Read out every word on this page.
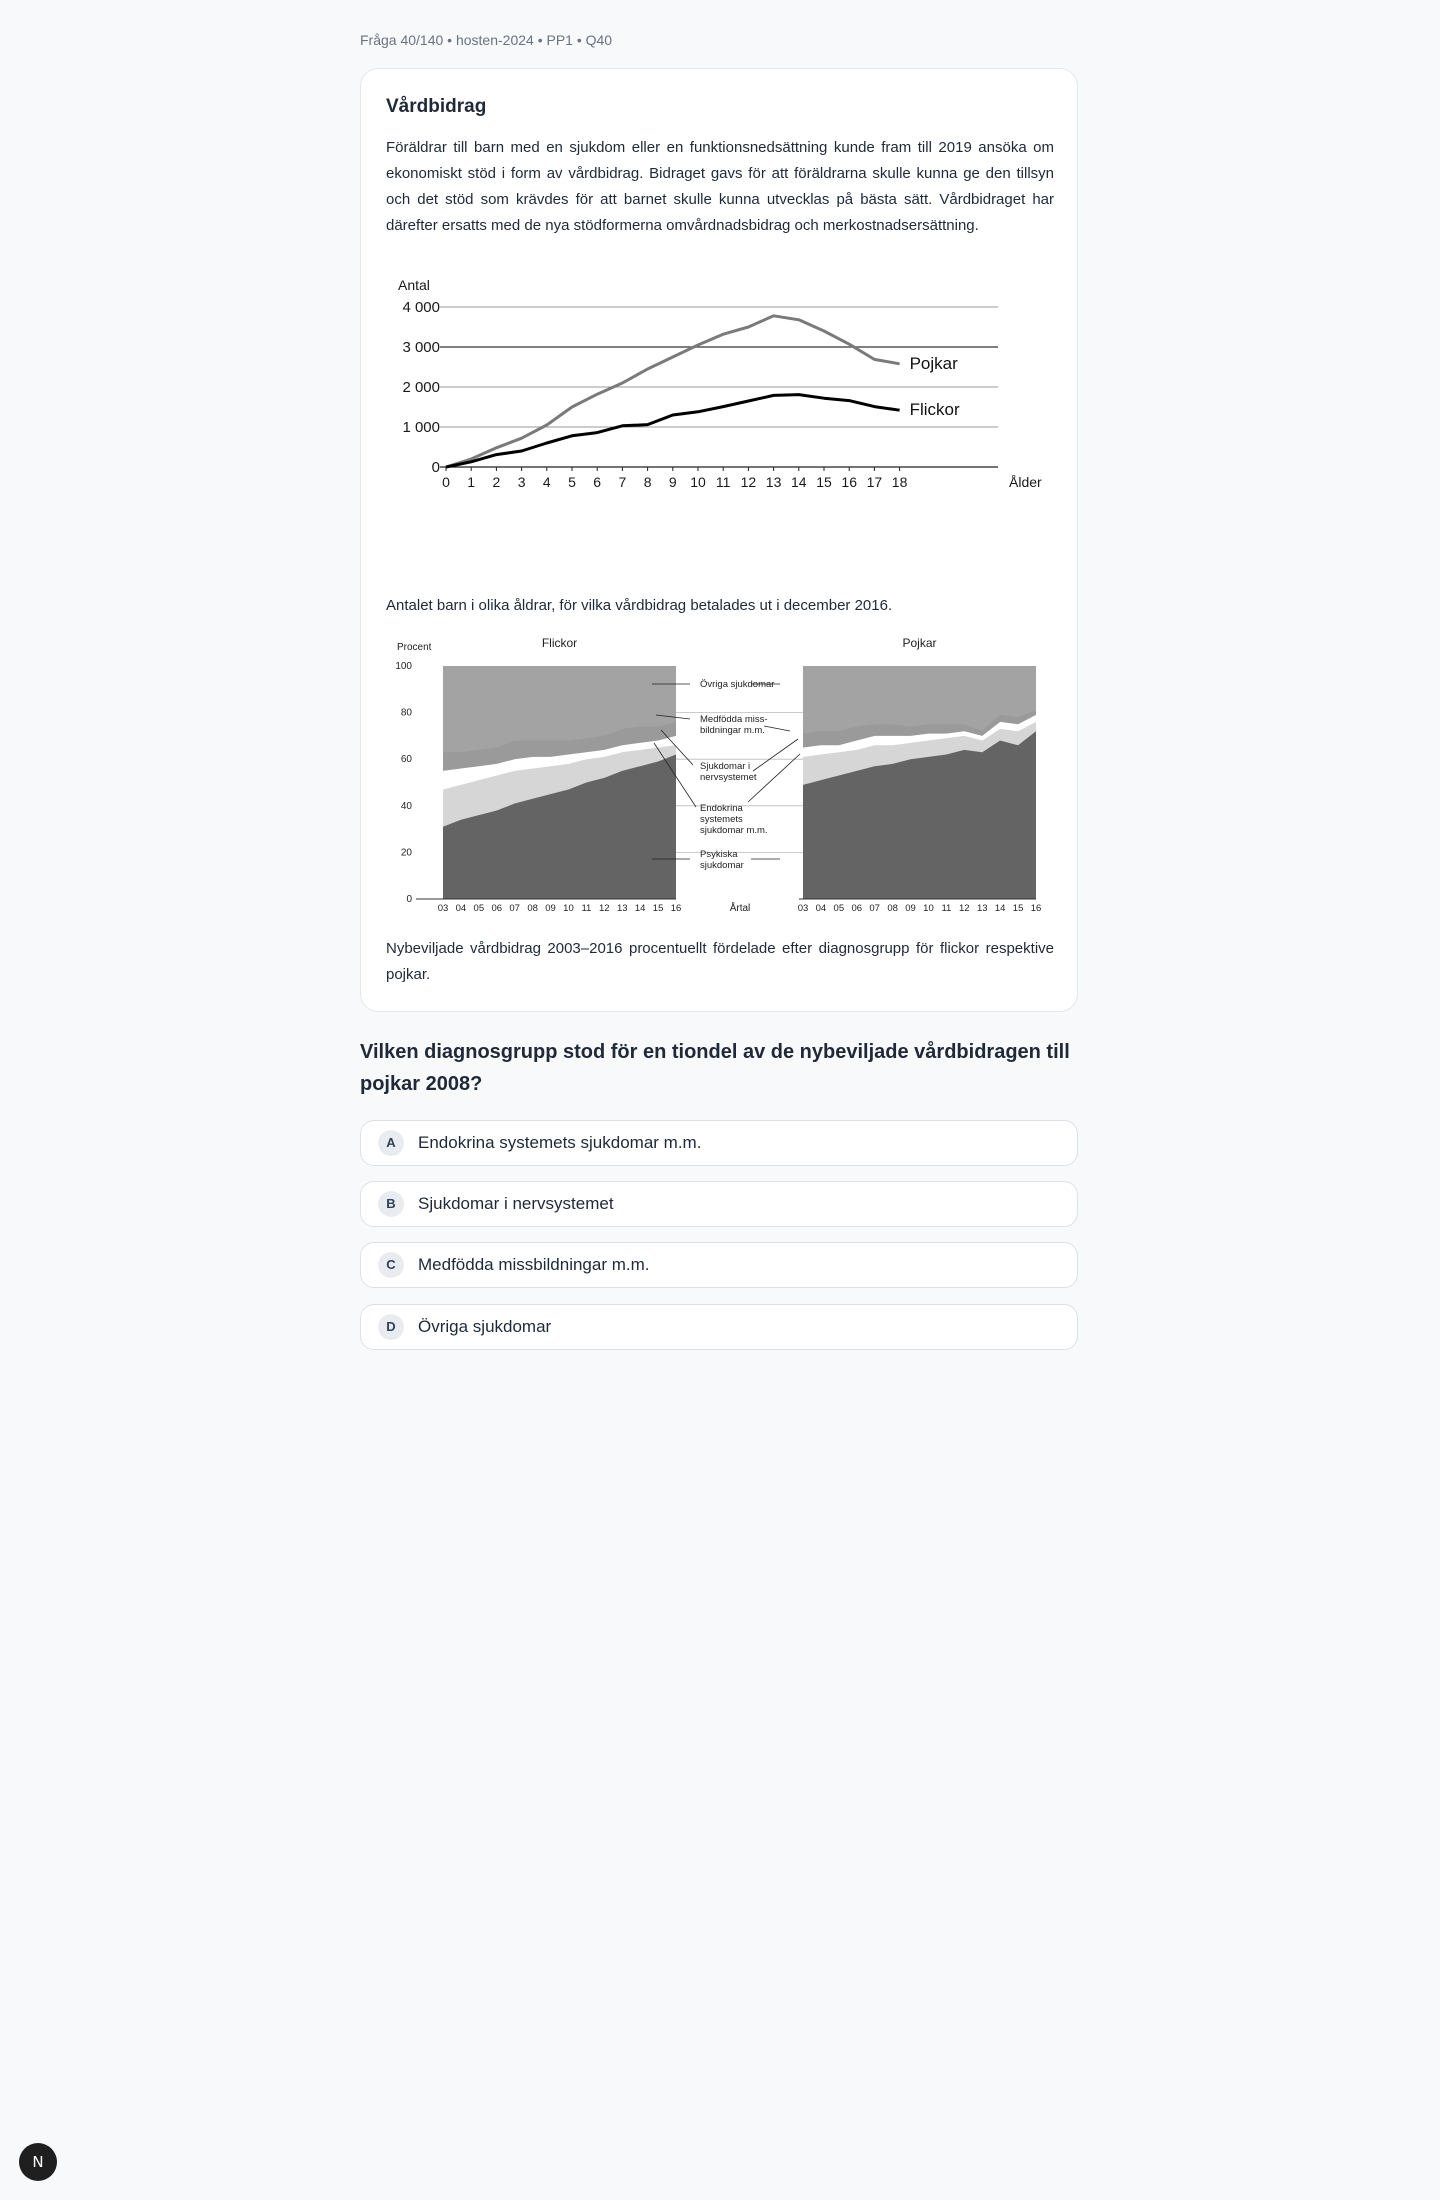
Fråga 40/140 • hosten-2024 • PP1 • Q40
Vårdbidrag

Föräldrar till barn med en sjukdom eller en funktionsnedsättning kunde fram till 2019 ansöka om ekonomiskt stöd i form av vårdbidrag. Bidraget gavs för att föräldrarna skulle kunna ge den tillsyn och det stöd som krävdes för att barnet skulle kunna utvecklas på bästa sätt. Vårdbidraget har därefter ersatts med de nya stödformerna omvårdnadsbidrag och merkostnadsersättning.

Antal
0
1 000
2 000
3 000
4 000
0 1 2 3 4 5 6 7 8 9 10 11 12 13 14 15 16 17 18	Ålder
Pojkar
Flickor

Antalet barn i olika åldrar, för vilka vårdbidrag betalades ut i december 2016.

Procent
0
20
40
60
80
100
Flickor
03 04 05 06 07 08 09 10 11 12 13 14 15 16
Pojkar
03 04 05 06 07 08 09 10 11 12 13 14 15 16
Årtal
Övriga sjukdomar
Medfödda miss-
bildningar m.m.
Sjukdomar i
nervsystemet
Endokrina
systemets
sjukdomar m.m.
Psykiska
sjukdomar

Nybeviljade vårdbidrag 2003–2016 procentuellt fördelade efter diagnosgrupp för flickor respektive pojkar.

Vilken diagnosgrupp stod för en tiondel av de nybeviljade vårdbidragen till pojkar 2008?

A	Endokrina systemets sjukdomar m.m.
B	Sjukdomar i nervsystemet
C	Medfödda missbildningar m.m.
D	Övriga sjukdomar
N
